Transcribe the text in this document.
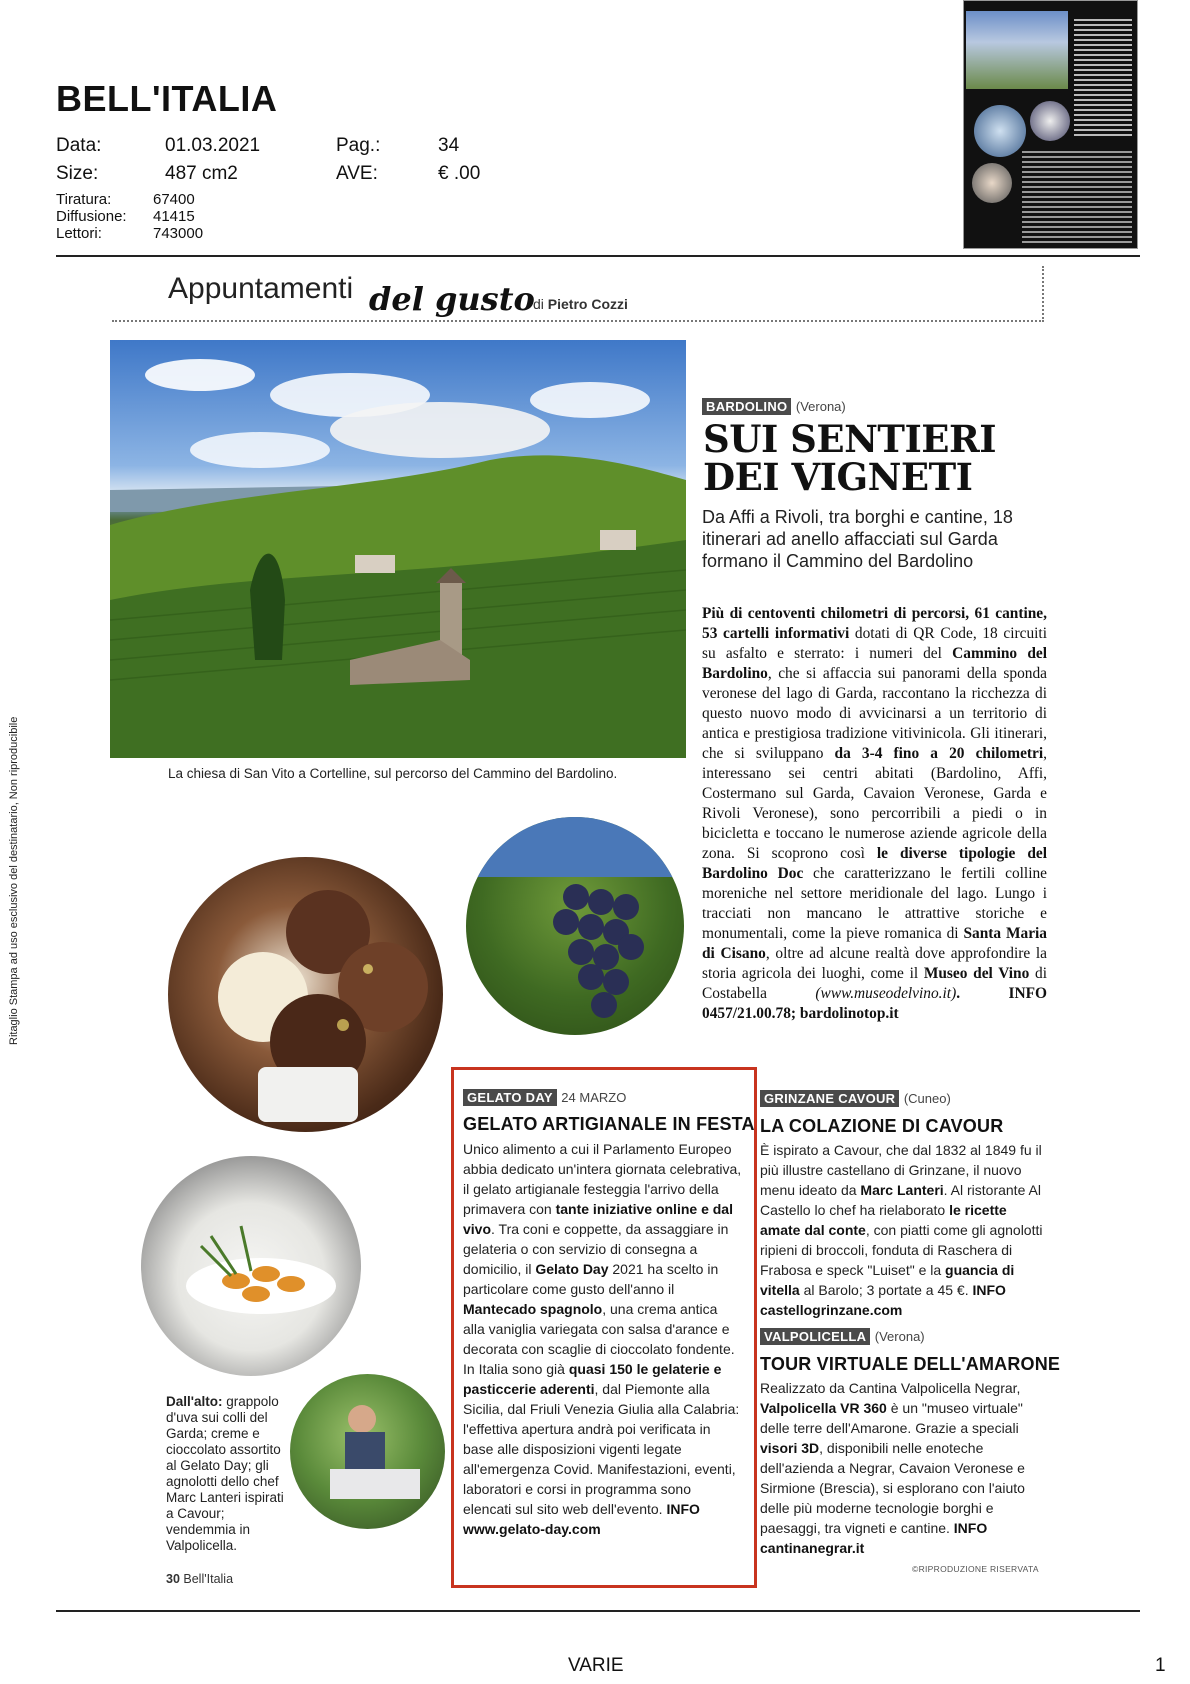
BELL'ITALIA
Data:	01.03.2021	Pag.:	34
Size:	487 cm2	AVE:	€ .00
Tiratura:	67400
Diffusione: 41415
Lettori:	743000
Ritaglio Stampa ad uso esclusivo del destinatario, Non riproducibile
Appuntamenti del gusto
di Pietro Cozzi
La chiesa di San Vito a Cortelline, sul percorso del Cammino del Bardolino.
BARDOLINO (Verona)
SUI SENTIERI
DEI VIGNETI
Da Affi a Rivoli, tra borghi e cantine, 18 itinerari ad anello affacciati sul Garda formano il Cammino del Bardolino
Più di centoventi chilometri di percorsi, 61 cantine, 53 cartelli informativi dotati di QR Code, 18 circuiti su asfalto e sterrato: i numeri del Cammino del Bardolino, che si affaccia sui panorami della sponda veronese del lago di Garda, raccontano la ricchezza di questo nuovo modo di avvicinarsi a un territorio di antica e prestigiosa tradizione vitivinicola. Gli itinerari, che si sviluppano da 3-4 fino a 20 chilometri, interessano sei centri abitati (Bardolino, Affi, Costermano sul Garda, Cavaion Veronese, Garda e Rivoli Veronese), sono percorribili a piedi o in bicicletta e toccano le numerose aziende agricole della zona. Si scoprono così le diverse tipologie del Bardolino Doc che caratterizzano le fertili colline moreniche nel settore meridionale del lago. Lungo i tracciati non mancano le attrattive storiche e monumentali, come la pieve romanica di Santa Maria di Cisano, oltre ad alcune realtà dove approfondire la storia agricola dei luoghi, come il Museo del Vino di Costabella (www.museodelvino.it). INFO 0457/21.00.78; bardolinotop.it
Dall'alto: grappolo d'uva sui colli del Garda; creme e cioccolato assortito al Gelato Day; gli agnolotti dello chef Marc Lanteri ispirati a Cavour; vendemmia in Valpolicella.
GELATO DAY 24 MARZO
GELATO ARTIGIANALE IN FESTA
Unico alimento a cui il Parlamento Europeo abbia dedicato un'intera giornata celebrativa, il gelato artigianale festeggia l'arrivo della primavera con tante iniziative online e dal vivo. Tra coni e coppette, da assaggiare in gelateria o con servizio di consegna a domicilio, il Gelato Day 2021 ha scelto in particolare come gusto dell'anno il Mantecado spagnolo, una crema antica alla vaniglia variegata con salsa d'arance e decorata con scaglie di cioccolato fondente. In Italia sono già quasi 150 le gelaterie e pasticcerie aderenti, dal Piemonte alla Sicilia, dal Friuli Venezia Giulia alla Calabria: l'effettiva apertura andrà poi verificata in base alle disposizioni vigenti legate all'emergenza Covid. Manifestazioni, eventi, laboratori e corsi in programma sono elencati sul sito web dell'evento. INFO www.gelato-day.com
GRINZANE CAVOUR (Cuneo)
LA COLAZIONE DI CAVOUR
È ispirato a Cavour, che dal 1832 al 1849 fu il più illustre castellano di Grinzane, il nuovo menu ideato da Marc Lanteri. Al ristorante Al Castello lo chef ha rielaborato le ricette amate dal conte, con piatti come gli agnolotti ripieni di broccoli, fonduta di Raschera di Frabosa e speck "Luiset" e la guancia di vitella al Barolo; 3 portate a 45 €. INFO castellogrinzane.com
VALPOLICELLA (Verona)
TOUR VIRTUALE DELL'AMARONE
Realizzato da Cantina Valpolicella Negrar, Valpolicella VR 360 è un "museo virtuale" delle terre dell'Amarone. Grazie a speciali visori 3D, disponibili nelle enoteche dell'azienda a Negrar, Cavaion Veronese e Sirmione (Brescia), si esplorano con l'aiuto delle più moderne tecnologie borghi e paesaggi, tra vigneti e cantine. INFO cantinanegrar.it
30 Bell'Italia
©RIPRODUZIONE RISERVATA
VARIE	1
